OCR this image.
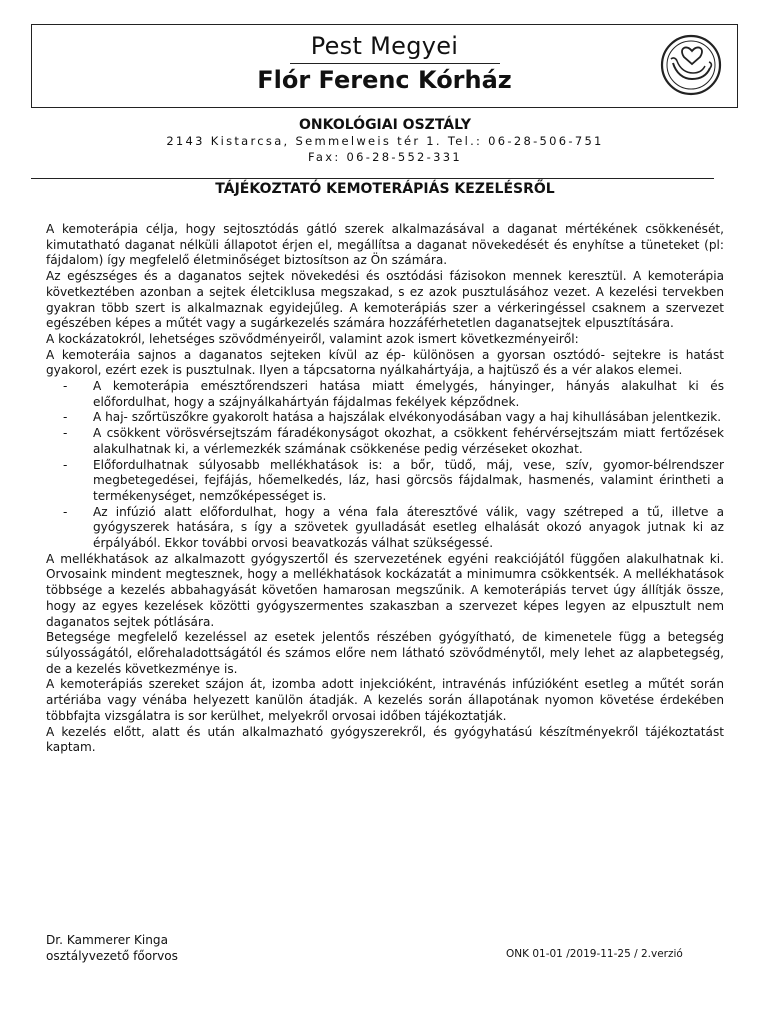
Pest Megyei
Flór Ferenc Kórház
ONKOLÓGIAI OSZTÁLY
2143 Kistarcsa, Semmelweis tér 1. Tel.: 06-28-506-751
Fax: 06-28-552-331
TÁJÉKOZTATÓ KEMOTERÁPIÁS KEZELÉSRŐL

A kemoterápia célja, hogy sejtosztódás gátló szerek alkalmazásával a daganat mértékének csökkenését, kimutatható daganat nélküli állapotot érjen el, megállítsa a daganat növekedését és enyhítse a tüneteket (pl: fájdalom) így megfelelő életminőséget biztosítson az Ön számára.

Az egészséges és a daganatos sejtek növekedési és osztódási fázisokon mennek keresztül. A kemoterápia következtében azonban a sejtek életciklusa megszakad, s ez azok pusztulásához vezet. A kezelési tervekben gyakran több szert is alkalmaznak egyidejűleg. A kemoterápiás szer a vérkeringéssel csaknem a szervezet egészében képes a műtét vagy a sugárkezelés számára hozzáférhetetlen daganatsejtek elpusztítására.

A kockázatokról, lehetséges szövődményeiről, valamint azok ismert következményeiről:

A kemoteráia sajnos a daganatos sejteken kívül az ép- különösen a gyorsan osztódó- sejtekre is hatást gyakorol, ezért ezek is pusztulnak. Ilyen a tápcsatorna nyálkahártyája, a hajtüsző és a vér alakos elemei.

- A kemoterápia emésztőrendszeri hatása miatt émelygés, hányinger, hányás alakulhat ki és előfordulhat, hogy a szájnyálkahártyán fájdalmas fekélyek képződnek.
- A haj- szőrtüszőkre gyakorolt hatása a hajszálak elvékonyodásában vagy a haj kihullásában jelentkezik.
- A csökkent vörösvérsejtszám fáradékonyságot okozhat, a csökkent fehérvérsejtszám miatt fertőzések alakulhatnak ki, a vérlemezkék számának csökkenése pedig vérzéseket okozhat.
- Előfordulhatnak súlyosabb mellékhatások is: a bőr, tüdő, máj, vese, szív, gyomor-bélrendszer megbetegedései, fejfájás, hőemelkedés, láz, hasi görcsös fájdalmak, hasmenés, valamint érintheti a termékenységet, nemzőképességet is.
- Az infúzió alatt előfordulhat, hogy a véna fala áteresztővé válik, vagy szétreped a tű, illetve a gyógyszerek hatására, s így a szövetek gyulladását esetleg elhalását okozó anyagok jutnak ki az érpályából. Ekkor további orvosi beavatkozás válhat szükségessé.

A mellékhatások az alkalmazott gyógyszertől és szervezetének egyéni reakciójától függően alakulhatnak ki. Orvosaink mindent megtesznek, hogy a mellékhatások kockázatát a minimumra csökkentsék. A mellékhatások többsége a kezelés abbahagyását követően hamarosan megszűnik. A kemoterápiás tervet úgy állítják össze, hogy az egyes kezelések közötti gyógyszermentes szakaszban a szervezet képes legyen az elpusztult nem daganatos sejtek pótlására.

Betegsége megfelelő kezeléssel az esetek jelentős részében gyógyítható, de kimenetele függ a betegség súlyosságától, előrehaladottságától és számos előre nem látható szövődménytől, mely lehet az alapbetegség, de a kezelés következménye is.

A kemoterápiás szereket szájon át, izomba adott injekcióként, intravénás infúzióként esetleg a műtét során artériába vagy vénába helyezett kanülön átadják. A kezelés során állapotának nyomon követése érdekében többfajta vizsgálatra is sor kerülhet, melyekről orvosai időben tájékoztatják.

A kezelés előtt, alatt és után alkalmazható gyógyszerekről, és gyógyhatású készítményekről tájékoztatást kaptam.

Dr. Kammerer Kinga
osztályvezető főorvos	ONK 01-01 /2019-11-25 / 2.verzió
